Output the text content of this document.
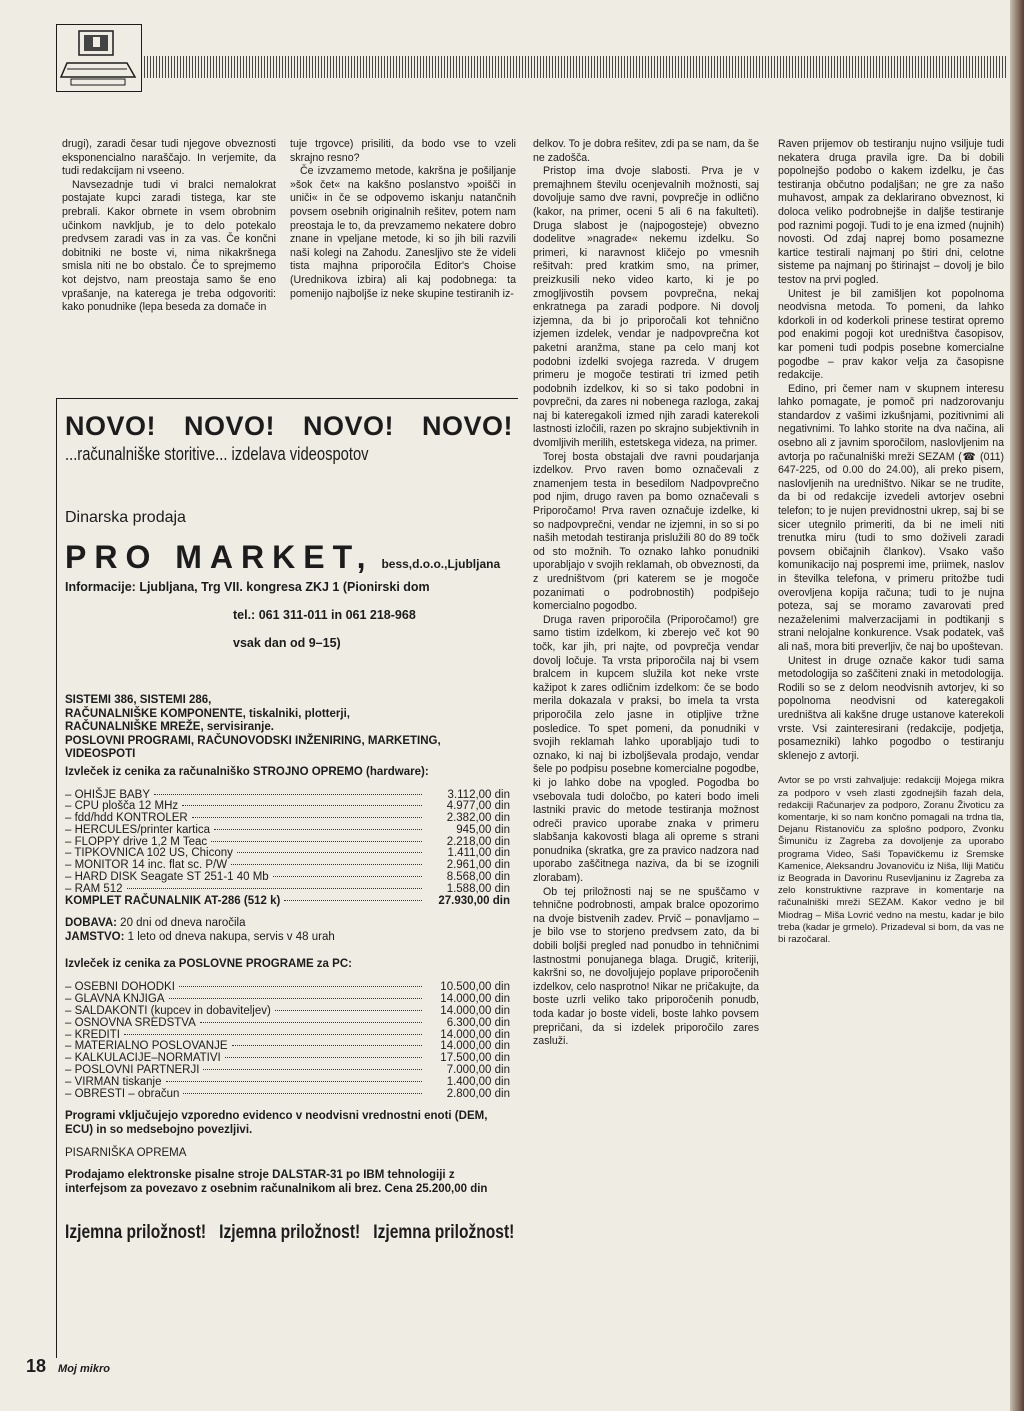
drugi), zaradi česar tudi njegove obveznosti eksponencialno naraščajo. In verjemite, da tudi redakcijam ni vseeno.

Navsezadnje tudi vi bralci nemalokrat postajate kupci zaradi tistega, kar ste prebrali. Kakor obrnete in vsem obrobnim učinkom navkljub, je to delo potekalo predvsem zaradi vas in za vas. Če končni dobitniki ne boste vi, nima nikakršnega smisla niti ne bo obstalo. Če to sprejmemo kot dejstvo, nam preostaja samo še eno vprašanje, na katerega je treba odgovoriti: kako ponudnike (lepa beseda za domače in

tuje trgovce) prisiliti, da bodo vse to vzeli skrajno resno?

Če izvzamemo metode, kakršna je pošiljanje »šok čet« na kakšno poslanstvo »poišči in uniči« in če se odpovemo iskanju natančnih povsem osebnih originalnih rešitev, potem nam preostaja le to, da prevzamemo nekatere dobro znane in vpeljane metode, ki so jih bili razvili naši kolegi na Zahodu. Zanesljivo ste že videli tista majhna priporočila Editor's Choise (Urednikova izbira) ali kaj podobnega: ta pomenijo najboljše iz neke skupine testiranih iz-

delkov. To je dobra rešitev, zdi pa se nam, da še ne zadošča.

Pristop ima dvoje slabosti. Prva je v premajhnem številu ocenjevalnih možnosti, saj dovoljuje samo dve ravni, povprečje in odlično (kakor, na primer, oceni 5 ali 6 na fakulteti). Druga slabost je (najpogosteje) obvezno dodelitve »nagrade« nekemu izdelku. So primeri, ki naravnost kličejo po vmesnih rešitvah: pred kratkim smo, na primer, preizkusili neko video karto, ki je po zmogljivostih povsem povprečna, nekaj enkratnega pa zaradi podpore. Ni dovolj izjemna, da bi jo priporočali kot tehnično izjemen izdelek, vendar je nadpovprečna kot paketni aranžma, stane pa celo manj kot podobni izdelki svojega razreda. V drugem primeru je mogoče testirati tri izmed petih podobnih izdelkov, ki so si tako podobni in povprečni, da zares ni nobenega razloga, zakaj naj bi kateregakoli izmed njih zaradi katerekoli lastnosti izločili, razen po skrajno subjektivnih in dvomljivih merilih, estetskega videza, na primer.

Torej bosta obstajali dve ravni poudarjanja izdelkov. Prvo raven bomo označevali z znamenjem testa in besedilom Nadpovprečno pod njim, drugo raven pa bomo označevali s Priporočamo! Prva raven označuje izdelke, ki so nadpovprečni, vendar ne izjemni, in so si po naših metodah testiranja prislužili 80 do 89 točk od sto možnih. To oznako lahko ponudniki uporabljajo v svojih reklamah, ob obveznosti, da z uredništvom (pri katerem se je mogoče pozanimati o podrobnostih) podpišejo komercialno pogodbo.

Druga raven priporočila (Priporočamo!) gre samo tistim izdelkom, ki zberejo več kot 90 točk, kar jih, pri najte, od povprečja vendar dovolj ločuje. Ta vrsta priporočila naj bi vsem bralcem in kupcem služila kot neke vrste kažipot k zares odličnim izdelkom: če se bodo merila dokazala v praksi, bo imela ta vrsta priporočila zelo jasne in otipljive tržne posledice. To spet pomeni, da ponudniki v svojih reklamah lahko uporabljajo tudi to oznako, ki naj bi izboljševala prodajo, vendar šele po podpisu posebne komercialne pogodbe, ki jo lahko dobe na vpogled. Pogodba bo vsebovala tudi določbo, po kateri bodo imeli lastniki pravic do metode testiranja možnost odreči pravico uporabe znaka v primeru slabšanja kakovosti blaga ali opreme s strani ponudnika (skratka, gre za pravico nadzora nad uporabo zaščitnega naziva, da bi se izognili zlorabam).

Ob tej priložnosti naj se ne spuščamo v tehnične podrobnosti, ampak bralce opozorimo na dvoje bistvenih zadev. Prvič – ponavljamo – je bilo vse to storjeno predvsem zato, da bi dobili boljši pregled nad ponudbo in tehničnimi lastnostmi ponujanega blaga. Drugič, kriteriji, kakršni so, ne dovoljujejo poplave priporočenih izdelkov, celo nasprotno! Nikar ne pričakujte, da boste uzrli veliko tako priporočenih ponudb, toda kadar jo boste videli, boste lahko povsem prepričani, da si izdelek priporočilo zares zasluži.

Raven prijemov ob testiranju nujno vsiljuje tudi nekatera druga pravila igre. Da bi dobili popolnejšo podobo o kakem izdelku, je čas testiranja občutno podaljšan; ne gre za našo muhavost, ampak za deklarirano obveznost, ki doloca veliko podrobnejše in daljše testiranje pod raznimi pogoji. Tudi to je ena izmed (nujnih) novosti. Od zdaj naprej bomo posamezne kartice testirali najmanj po štiri dni, celotne sisteme pa najmanj po štirinajst – dovolj je bilo testov na prvi pogled.

Unitest je bil zamišljen kot popolnoma neodvisna metoda. To pomeni, da lahko kdorkoli in od koderkoli prinese testirat opremo pod enakimi pogoji kot uredništva časopisov, kar pomeni tudi podpis posebne komercialne pogodbe – prav kakor velja za časopisne redakcije.

Edino, pri čemer nam v skupnem interesu lahko pomagate, je pomoč pri nadzorovanju standardov z vašimi izkušnjami, pozitivnimi ali negativnimi. To lahko storite na dva načina, ali osebno ali z javnim sporočilom, naslovljenim na avtorja po računalniški mreži SEZAM (☎ (011) 647-225, od 0.00 do 24.00), ali preko pisem, naslovljenih na uredništvo. Nikar se ne trudite, da bi od redakcije izvedeli avtorjev osebni telefon; to je nujen previdnostni ukrep, saj bi se sicer utegnilo primeriti, da bi ne imeli niti trenutka miru (tudi to smo doživeli zaradi povsem običajnih člankov). Vsako vašo komunikacijo naj pospremi ime, priimek, naslov in številka telefona, v primeru pritožbe tudi overovljena kopija računa; tudi to je nujna poteza, saj se moramo zavarovati pred nezaželenimi malverzacijami in podtikanji s strani nelojalne konkurence. Vsak podatek, vaš ali naš, mora biti preverljiv, če naj bo upoštevan.

Unitest in druge označe kakor tudi sama metodologija so zaščiteni znaki in metodologija. Rodili so se z delom neodvisnih avtorjev, ki so popolnoma neodvisni od kateregakoli uredništva ali kakšne druge ustanove katerekoli vrste. Vsi zainteresirani (redakcije, podjetja, posamezniki) lahko pogodbo o testiranju sklenejo z avtorji.

Avtor se po vrsti zahvaljuje: redakciji Mojega mikra za podporo v vseh zlasti zgodnejših fazah dela, redakciji Računarjev za podporo, Zoranu Životicu za komentarje, ki so nam končno pomagali na trdna tla, Dejanu Ristanoviču za splošno podporo, Zvonku Šimuniču iz Zagreba za dovoljenje za uporabo programa Video, Saši Topavičkemu iz Sremske Kamenice, Aleksandru Jovanoviču iz Niša, Iliji Matiču iz Beograda in Davorinu Rusevljaninu iz Zagreba za zelo konstruktivne razprave in komentarje na računalniški mreži SEZAM. Kakor vedno je bil Miodrag – Miša Lovrić vedno na mestu, kadar je bilo treba (kadar je grmelo). Prizadeval si bom, da vas ne bi razočaral.

NOVO! NOVO! NOVO! NOVO!
...računalniške storitive... izdelava videospotov
Dinarska prodaja
PRO MARKET, bess,d.o.o.,Ljubljana
Informacije: Ljubljana, Trg VII. kongresa ZKJ 1 (Pionirski dom
tel.: 061 311-011 in 061 218-968
vsak dan od 9–15)
SISTEMI 386, SISTEMI 286,
RAČUNALNIŠKE KOMPONENTE, tiskalniki, plotterji,
RAČUNALNIŠKE MREŽE, servisiranje.
POSLOVNI PROGRAMI, RAČUNOVODSKI INŽENIRING, MARKETING,
VIDEOSPOTI
Izvleček iz cenika za računalniško STROJNO OPREMO (hardware):
– OHIŠJE BABY	3.112,00 din
– CPU plošča 12 MHz	4.977,00 din
– fdd/hdd KONTROLER	2.382,00 din
– HERCULES/printer kartica	945,00 din
– FLOPPY drive 1,2 M Teac	2.218,00 din
– TIPKOVNICA 102 US, Chicony	1.411,00 din
– MONITOR 14 inc. flat sc. P/W	2.961,00 din
– HARD DISK Seagate ST 251-1 40 Mb	8.568,00 din
– RAM 512	1.588,00 din
KOMPLET RAČUNALNIK AT-286 (512 k)	27.930,00 din
DOBAVA: 20 dni od dneva naročila
JAMSTVO: 1 leto od dneva nakupa, servis v 48 urah
Izvleček iz cenika za POSLOVNE PROGRAME za PC:
– OSEBNI DOHODKI	10.500,00 din
– GLAVNA KNJIGA	14.000,00 din
– SALDAKONTI (kupcev in dobaviteljev)	14.000,00 din
– OSNOVNA SREDSTVA	6.300,00 din
– KREDITI	14.000,00 din
– MATERIALNO POSLOVANJE	14.000,00 din
– KALKULACIJE–NORMATIVI	17.500,00 din
– POSLOVNI PARTNERJI	7.000,00 din
– VIRMAN tiskanje	1.400,00 din
– OBRESTI – obračun	2.800,00 din
Programi vključujejo vzporedno evidenco v neodvisni vrednostni enoti (DEM, ECU) in so medsebojno povezljivi.
PISARNIŠKA OPREMA
Prodajamo elektronske pisalne stroje DALSTAR-31 po IBM tehnologiji z interfejsom za povezavo z osebnim računalnikom ali brez. Cena 25.200,00 din
Izjemna priložnost! Izjemna priložnost! Izjemna priložnost!
18 Moj mikro
